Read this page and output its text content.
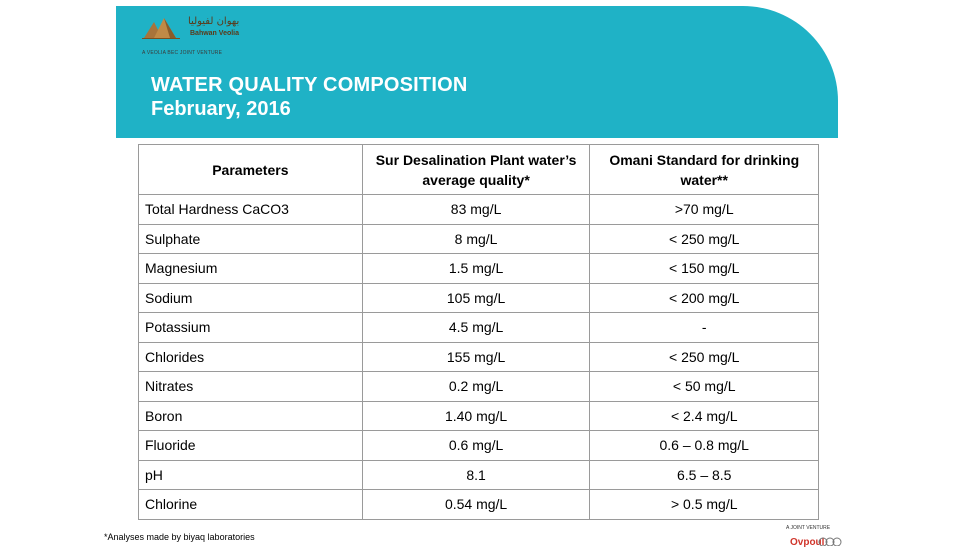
بهوان لفيوليا
Bahwan Veolia
A VEOLIA BEC JOINT VENTURE
WATER QUALITY COMPOSITION
February, 2016
Parameters	Sur Desalination Plant water’s average quality*	Omani Standard for drinking water**
Total Hardness CaCO3	83 mg/L	>70 mg/L
Sulphate	8 mg/L	< 250 mg/L
Magnesium	1.5 mg/L	< 150 mg/L
Sodium	105 mg/L	< 200 mg/L
Potassium	4.5 mg/L	-
Chlorides	155 mg/L	< 250 mg/L
Nitrates	0.2 mg/L	< 50 mg/L
Boron	1.40 mg/L	< 2.4 mg/L
Fluoride	0.6 mg/L	0.6 – 0.8 mg/L
pH	8.1	6.5 – 8.5
Chlorine	0.54 mg/L	> 0.5 mg/L
*Analyses made by biyaq laboratories
A JOINT VENTURE
Ovpoul
